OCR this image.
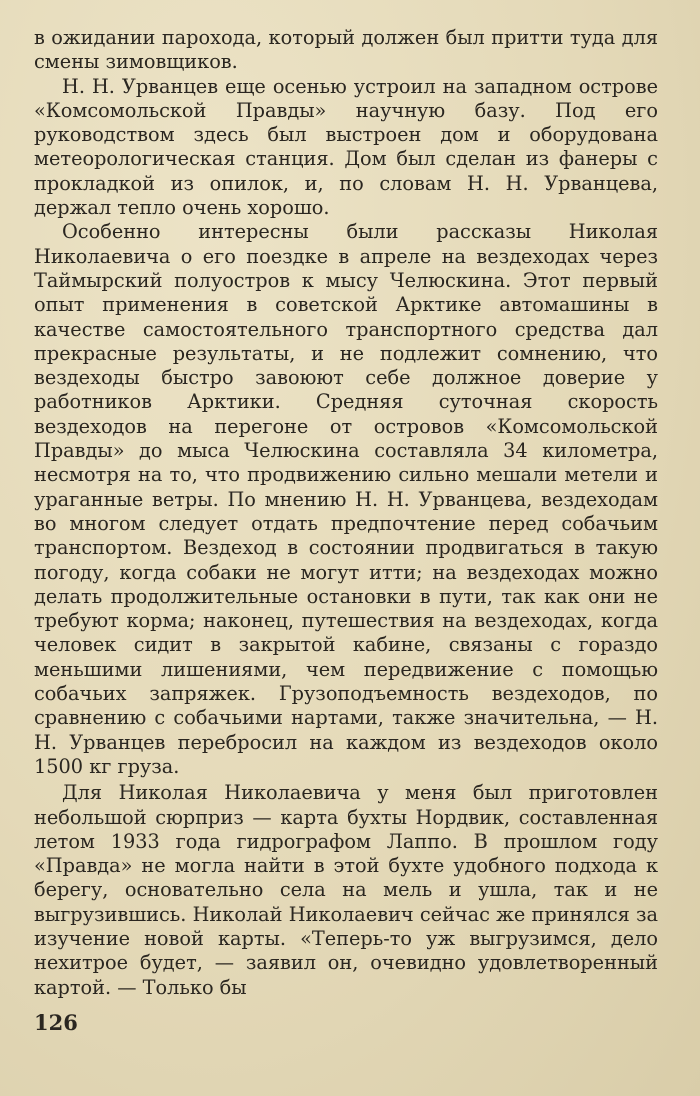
в ожидании парохода, который должен был притти туда для смены зимовщиков.

Н. Н. Урванцев еще осенью устроил на западном острове «Комсомольской Правды» научную базу. Под его руководством здесь был выстроен дом и оборудована метеорологическая станция. Дом был сделан из фанеры с прокладкой из опилок, и, по словам Н. Н. Урванцева, держал тепло очень хорошо.

Особенно интересны были рассказы Николая Николаевича о его поездке в апреле на вездеходах через Таймырский полуостров к мысу Челюскина. Этот первый опыт применения в советской Арктике автомашины в качестве самостоятельного транспортного средства дал прекрасные результаты, и не подлежит сомнению, что вездеходы быстро завоюют себе должное доверие у работников Арктики. Средняя суточная скорость вездеходов на перегоне от островов «Комсомольской Правды» до мыса Челюскина составляла 34 километра, несмотря на то, что продвижению сильно мешали метели и ураганные ветры. По мнению Н. Н. Урванцева, вездеходам во многом следует отдать предпочтение перед собачьим транспортом. Вездеход в состоянии продвигаться в такую погоду, когда собаки не могут итти; на вездеходах можно делать продолжительные остановки в пути, так как они не требуют корма; наконец, путешествия на вездеходах, когда человек сидит в закрытой кабине, связаны с гораздо меньшими лишениями, чем передвижение с помощью собачьих запряжек. Грузоподъемность вездеходов, по сравнению с собачьими нартами, также значительна, — Н. Н. Урванцев перебросил на каждом из вездеходов около 1500 кг груза.

Для Николая Николаевича у меня был приготовлен небольшой сюрприз — карта бухты Нордвик, составленная летом 1933 года гидрографом Лаппо. В прошлом году «Правда» не могла найти в этой бухте удобного подхода к берегу, основательно села на мель и ушла, так и не выгрузившись. Николай Николаевич сейчас же принялся за изучение новой карты. «Теперь-то уж выгрузимся, дело нехитрое будет, — заявил он, очевидно удовлетворенный картой. — Только бы

126
